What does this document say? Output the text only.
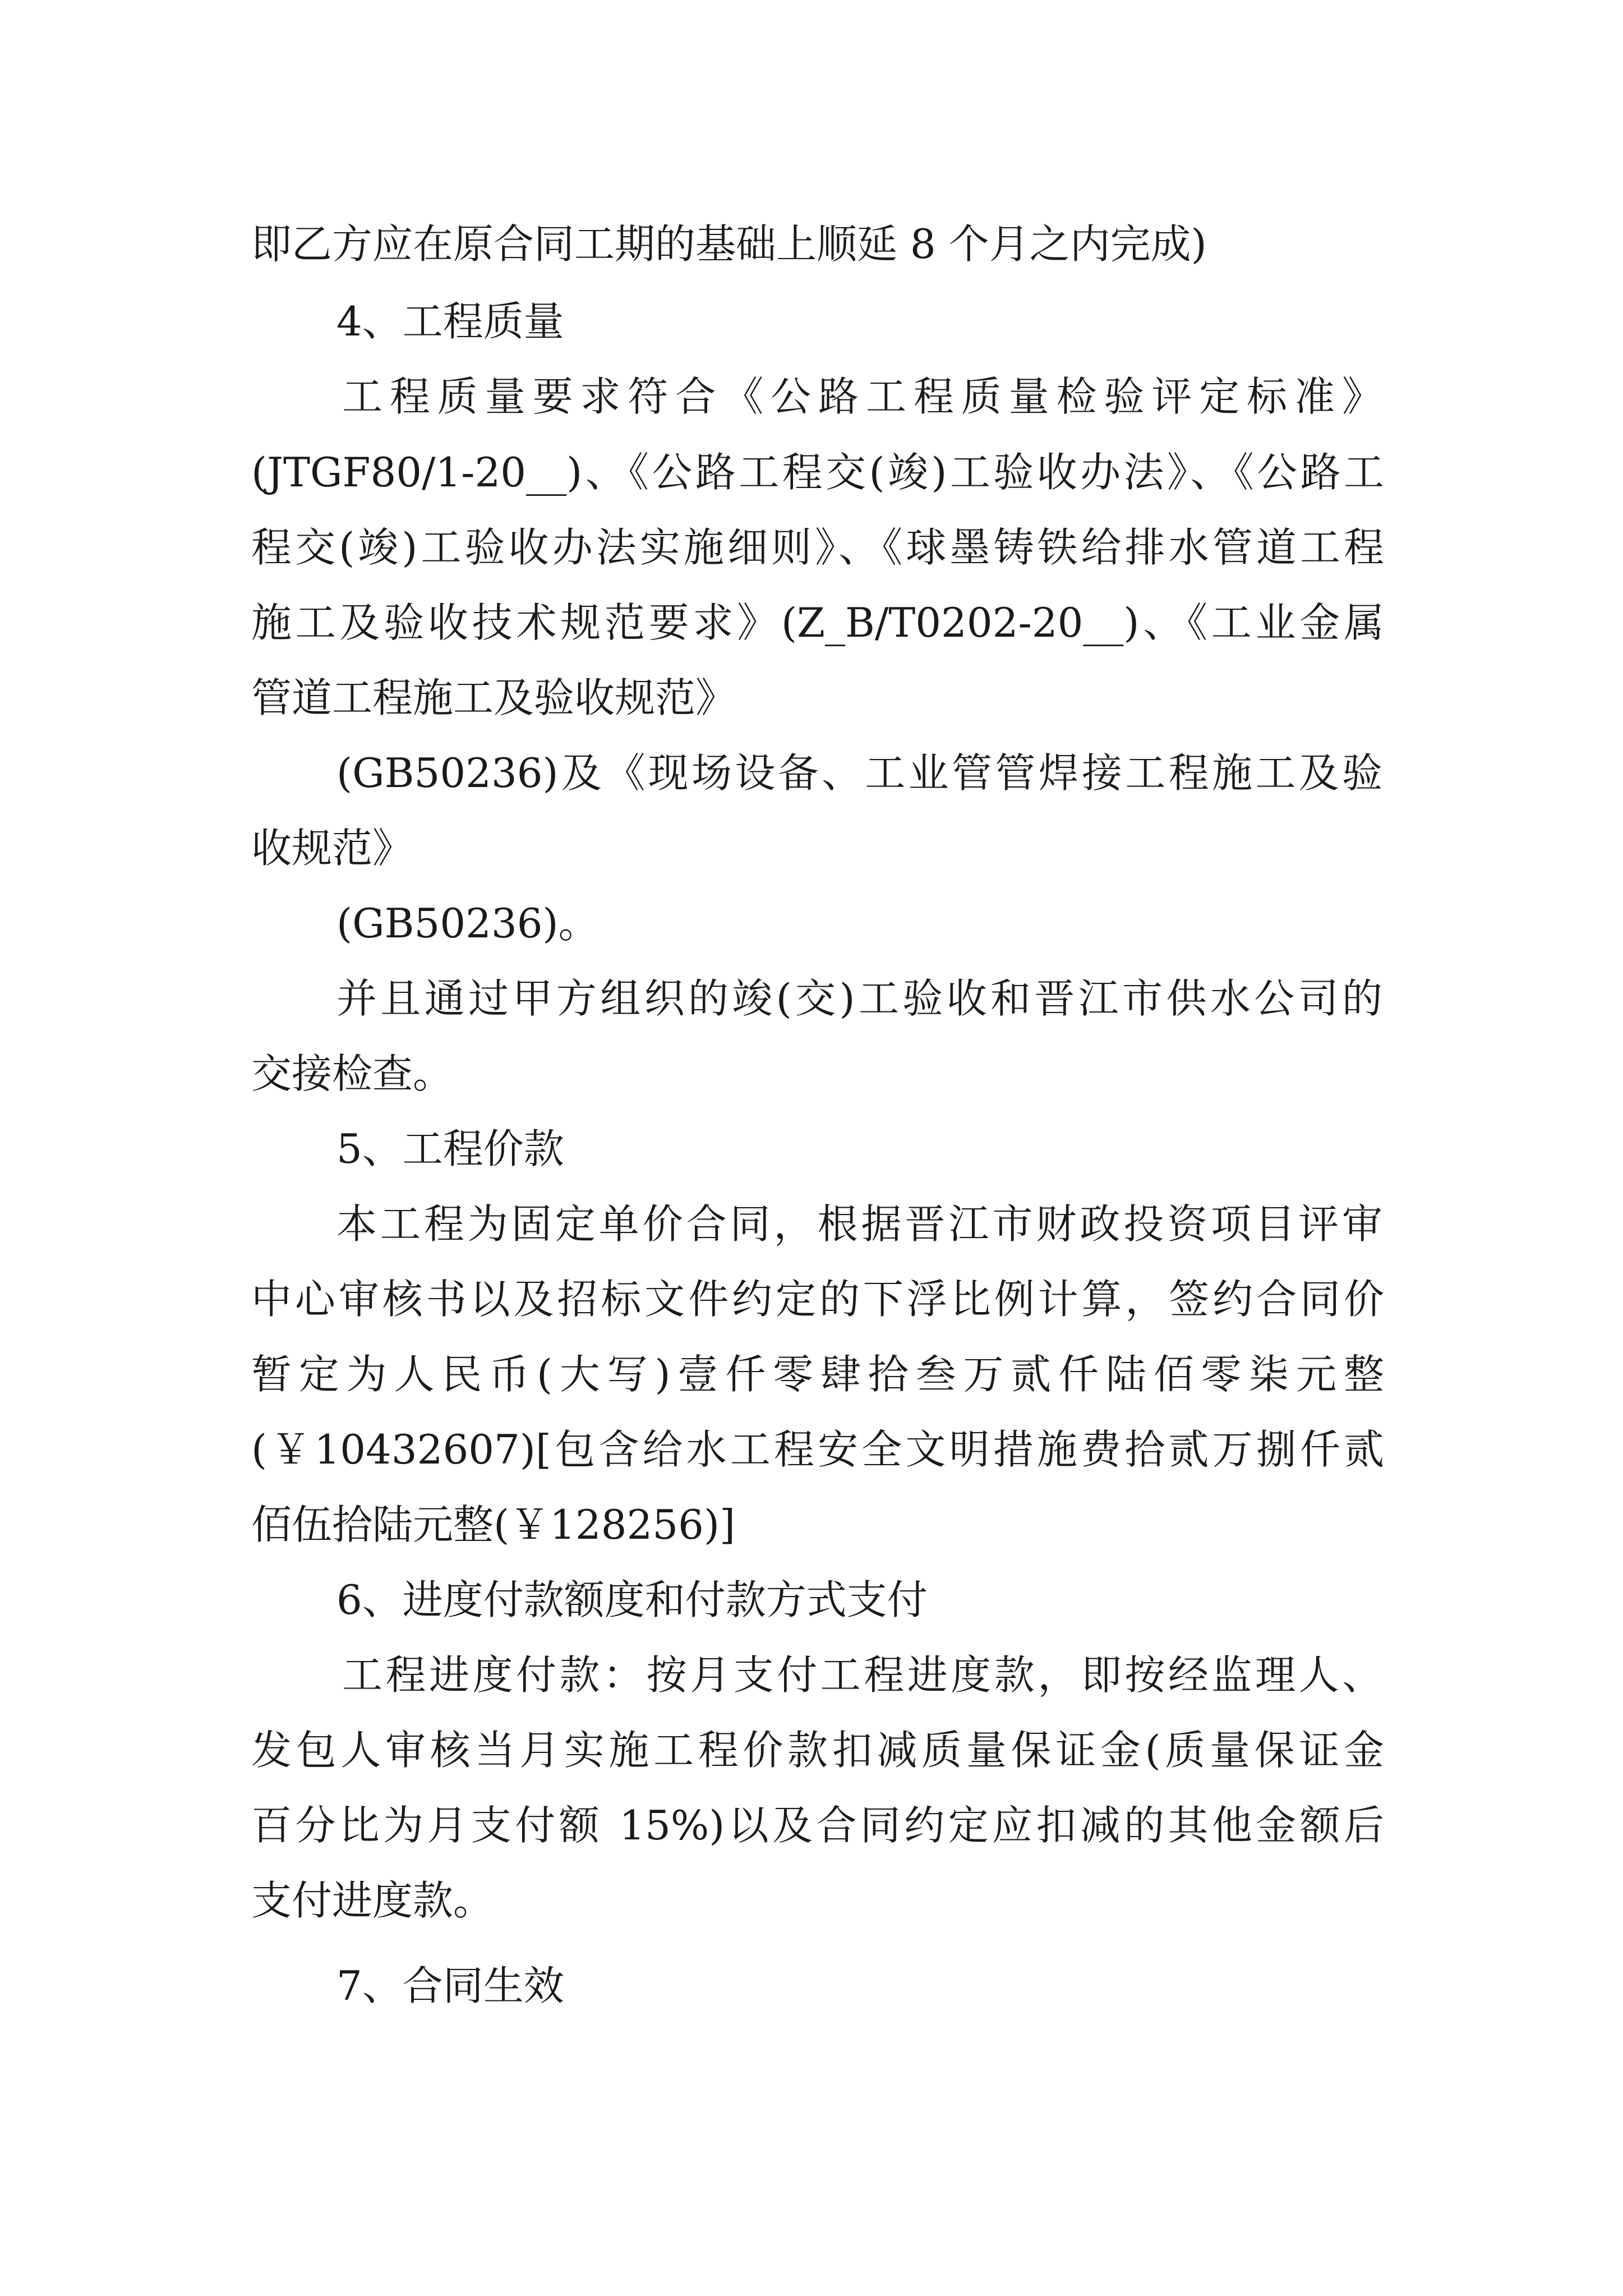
即乙方应在原合同工期的基础上顺延 8 个月之内完成)
4、工程质量
工程质量要求符合《公路工程质量检验评定标准》
(JTGF80/1-20__)、《公路工程交(竣)工验收办法》、《公路工
程交(竣)工验收办法实施细则》、《球墨铸铁给排水管道工程
施工及验收技术规范要求》(Z_B/T0202-20__)、《工业金属
管道工程施工及验收规范》
(GB50236)及《现场设备、工业管管焊接工程施工及验
收规范》
(GB50236)。
并且通过甲方组织的竣(交)工验收和晋江市供水公司的
交接检查。
5、工程价款
本工程为固定单价合同，根据晋江市财政投资项目评审
中心审核书以及招标文件约定的下浮比例计算，签约合同价
暂定为人民币(大写)壹仟零肆拾叁万贰仟陆佰零柒元整
(￥10432607)[包含给水工程安全文明措施费拾贰万捌仟贰
佰伍拾陆元整(￥128256)]
6、进度付款额度和付款方式支付
工程进度付款：按月支付工程进度款，即按经监理人、
发包人审核当月实施工程价款扣减质量保证金(质量保证金
百分比为月支付额 15%)以及合同约定应扣减的其他金额后
支付进度款。
7、合同生效
